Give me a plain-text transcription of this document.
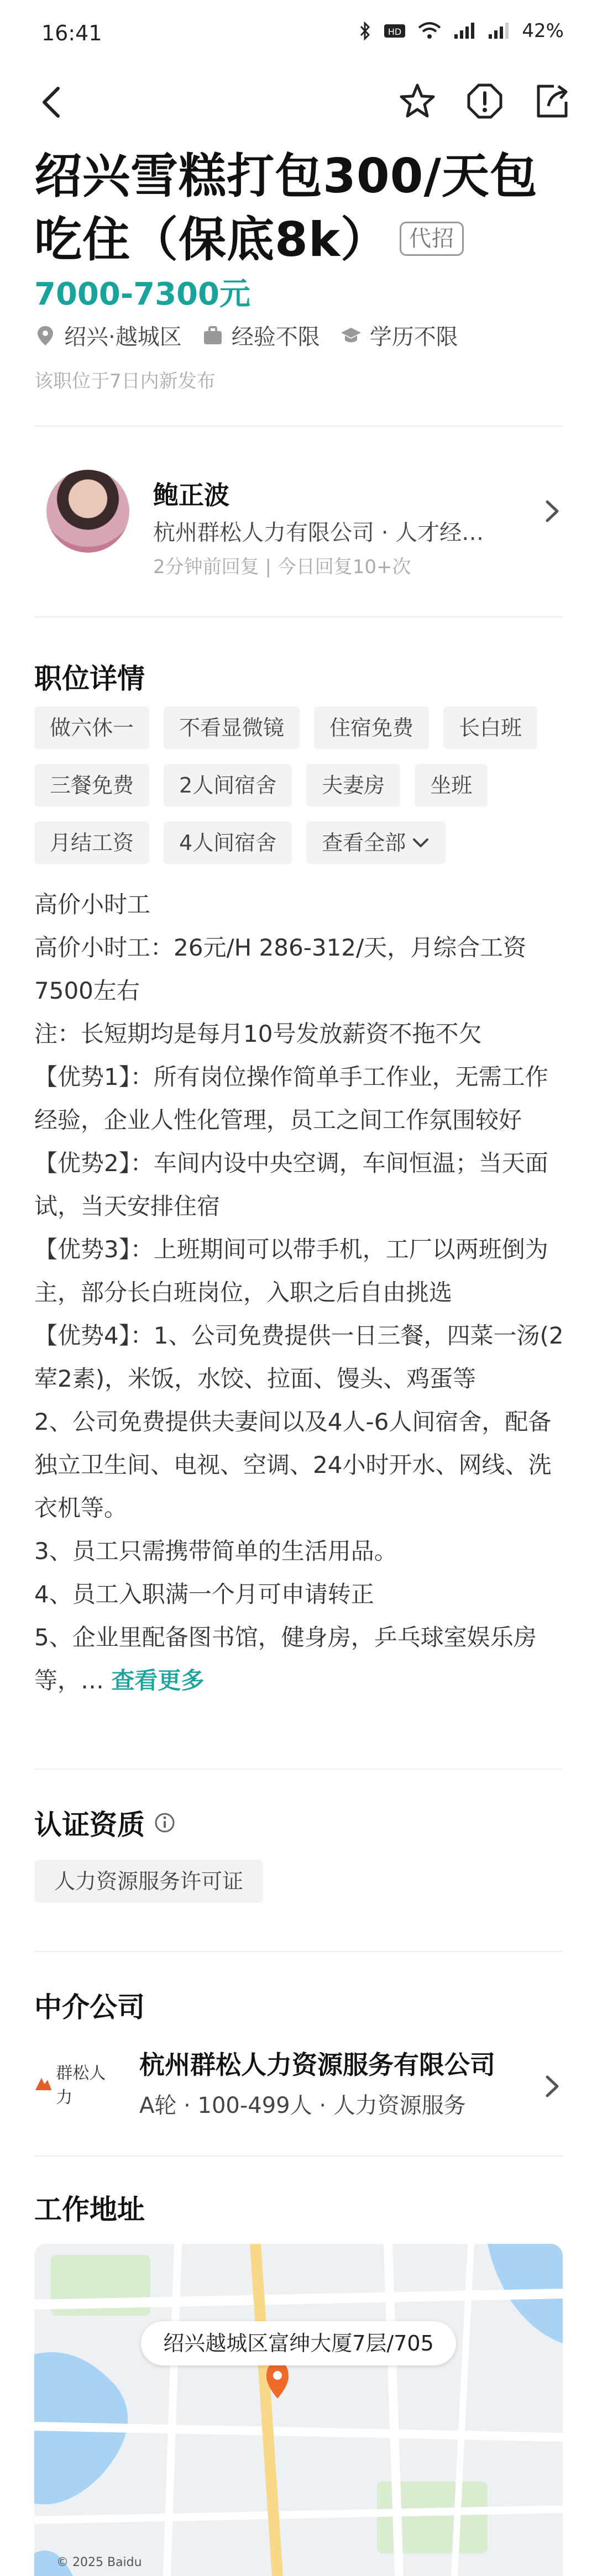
16:41	HD	42%
绍兴雪糕打包300/天包吃住（保底8k） 代招
7000-7300元
绍兴·越城区 经验不限 学历不限
该职位于7日内新发布
鲍正波
杭州群松人力有限公司 · 人才经…
2分钟前回复 | 今日回复10+次
职位详情
做六休一	不看显微镜	住宿免费	长白班
三餐免费	2人间宿舍	夫妻房	坐班
月结工资	4人间宿舍	查看全部

高价小时工

高价小时工：26元/H 286-312/天，月综合工资7500左右

注：长短期均是每月10号发放薪资不拖不欠

【优势1】：所有岗位操作简单手工作业，无需工作经验，企业人性化管理，员工之间工作氛围较好

【优势2】：车间内设中央空调，车间恒温；当天面试，当天安排住宿

【优势3】：上班期间可以带手机，工厂以两班倒为主，部分长白班岗位，入职之后自由挑选

【优势4】：1、公司免费提供一日三餐，四菜一汤(2荤2素)，米饭，水饺、拉面、馒头、鸡蛋等

2、公司免费提供夫妻间以及4人-6人间宿舍，配备独立卫生间、电视、空调、24小时开水、网线、洗衣机等。

3、员工只需携带简单的生活用品。

4、员工入职满一个月可申请转正

5、企业里配备图书馆，健身房，乒乓球室娱乐房等，… 查看更多

认证资质
人力资源服务许可证
中介公司
群松人力
杭州群松人力资源服务有限公司
A轮 · 100-499人 · 人力资源服务
工作地址
绍兴越城区富绅大厦7层/705
© 2025 Baidu
